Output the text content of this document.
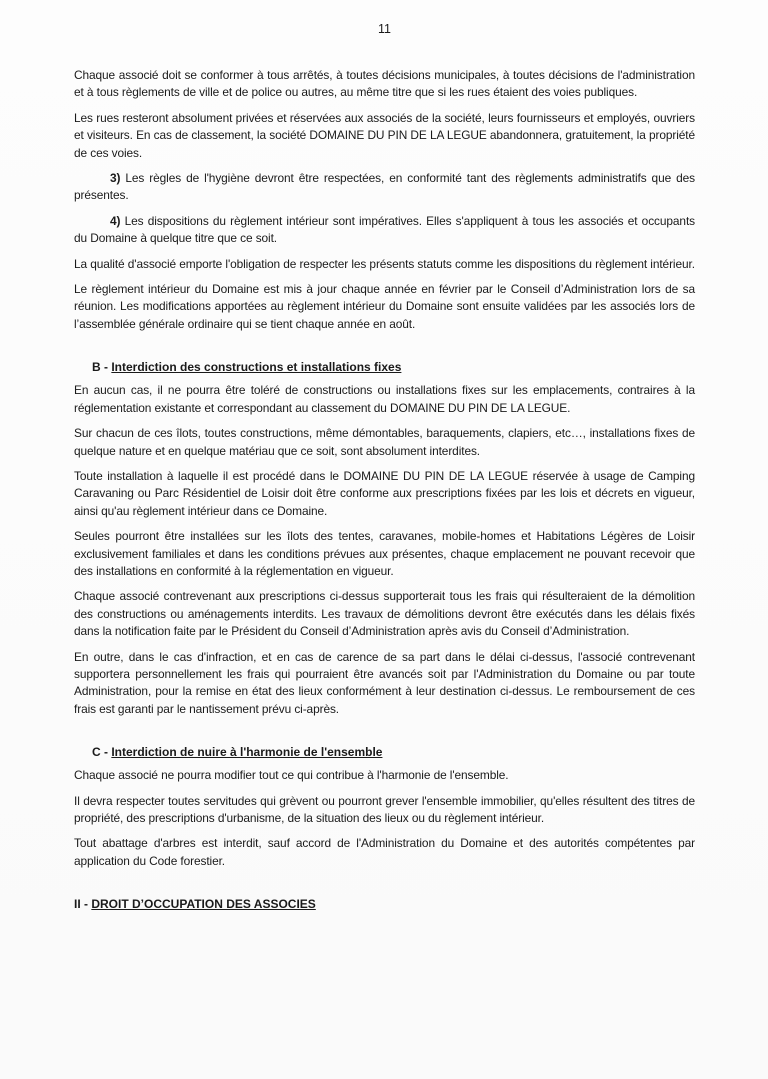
11

Chaque associé doit se conformer à tous arrêtés, à toutes décisions municipales, à toutes décisions de l'administration et à tous règlements de ville et de police ou autres, au même titre que si les rues étaient des voies publiques.

Les rues resteront absolument privées et réservées aux associés de la société, leurs fournisseurs et employés, ouvriers et visiteurs. En cas de classement, la société DOMAINE DU PIN DE LA LEGUE abandonnera, gratuitement, la propriété de ces voies.

3) Les règles de l'hygiène devront être respectées, en conformité tant des règlements administratifs que des présentes.

4) Les dispositions du règlement intérieur sont impératives. Elles s'appliquent à tous les associés et occupants du Domaine à quelque titre que ce soit.

La qualité d'associé emporte l'obligation de respecter les présents statuts comme les dispositions du règlement intérieur.

Le règlement intérieur du Domaine est mis à jour chaque année en février par le Conseil d’Administration lors de sa réunion. Les modifications apportées au règlement intérieur du Domaine sont ensuite validées par les associés lors de l’assemblée générale ordinaire qui se tient chaque année en août.

B - Interdiction des constructions et installations fixes

En aucun cas, il ne pourra être toléré de constructions ou installations fixes sur les emplacements, contraires à la réglementation existante et correspondant au classement du DOMAINE DU PIN DE LA LEGUE.

Sur chacun de ces îlots, toutes constructions, même démontables, baraquements, clapiers, etc…, installations fixes de quelque nature et en quelque matériau que ce soit, sont absolument interdites.

Toute installation à laquelle il est procédé dans le DOMAINE DU PIN DE LA LEGUE réservée à usage de Camping Caravaning ou Parc Résidentiel de Loisir doit être conforme aux prescriptions fixées par les lois et décrets en vigueur, ainsi qu'au règlement intérieur dans ce Domaine.

Seules pourront être installées sur les îlots des tentes, caravanes, mobile-homes et Habitations Légères de Loisir exclusivement familiales et dans les conditions prévues aux présentes, chaque emplacement ne pouvant recevoir que des installations en conformité à la réglementation en vigueur.

Chaque associé contrevenant aux prescriptions ci-dessus supporterait tous les frais qui résulteraient de la démolition des constructions ou aménagements interdits. Les travaux de démolitions devront être exécutés dans les délais fixés dans la notification faite par le Président du Conseil d’Administration après avis du Conseil d’Administration.

En outre, dans le cas d'infraction, et en cas de carence de sa part dans le délai ci-dessus, l'associé contrevenant supportera personnellement les frais qui pourraient être avancés soit par l'Administration du Domaine ou par toute Administration, pour la remise en état des lieux conformément à leur destination ci-dessus. Le remboursement de ces frais est garanti par le nantissement prévu ci-après.

C - Interdiction de nuire à l'harmonie de l'ensemble

Chaque associé ne pourra modifier tout ce qui contribue à l'harmonie de l'ensemble.

Il devra respecter toutes servitudes qui grèvent ou pourront grever l'ensemble immobilier, qu'elles résultent des titres de propriété, des prescriptions d'urbanisme, de la situation des lieux ou du règlement intérieur.

Tout abattage d'arbres est interdit, sauf accord de l'Administration du Domaine et des autorités compétentes par application du Code forestier.

II - DROIT D’OCCUPATION DES ASSOCIES
